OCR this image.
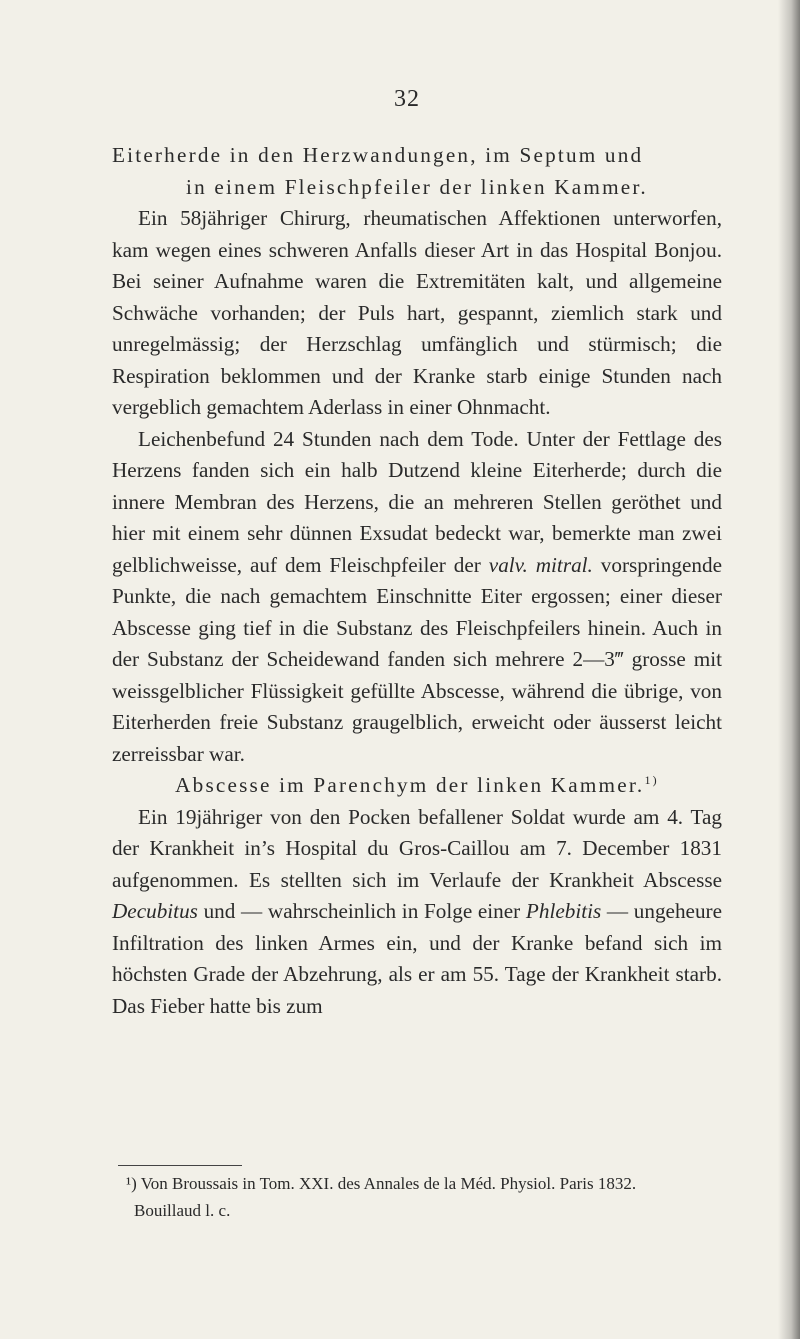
32

Eiterherde in den Herzwandungen, im Septum und

in einem Fleischpfeiler der linken Kammer.

Ein 58jähriger Chirurg, rheumatischen Affektionen unterworfen, kam wegen eines schweren Anfalls dieser Art in das Hospital Bonjou. Bei seiner Aufnahme waren die Extremitäten kalt, und allgemeine Schwäche vorhanden; der Puls hart, gespannt, ziemlich stark und unregelmässig; der Herzschlag umfänglich und stürmisch; die Respiration beklommen und der Kranke starb einige Stunden nach vergeblich gemachtem Aderlass in einer Ohnmacht.

Leichenbefund 24 Stunden nach dem Tode. Unter der Fettlage des Herzens fanden sich ein halb Dutzend kleine Eiterherde; durch die innere Membran des Herzens, die an mehreren Stellen geröthet und hier mit einem sehr dünnen Exsudat bedeckt war, bemerkte man zwei gelblichweisse, auf dem Fleischpfeiler der valv. mitral. vorspringende Punkte, die nach gemachtem Einschnitte Eiter ergossen; einer dieser Abscesse ging tief in die Substanz des Fleischpfeilers hinein. Auch in der Substanz der Scheidewand fanden sich mehrere 2—3‴ grosse mit weissgelblicher Flüssigkeit gefüllte Abscesse, während die übrige, von Eiterherden freie Substanz graugelblich, erweicht oder äusserst leicht zerreissbar war.

Abscesse im Parenchym der linken Kammer.$^{1)}$

Ein 19jähriger von den Pocken befallener Soldat wurde am 4. Tag der Krankheit in’s Hospital du Gros-Caillou am 7. December 1831 aufgenommen. Es stellten sich im Verlaufe der Krankheit Abscesse Decubitus und — wahrscheinlich in Folge einer Phlebitis — ungeheure Infiltration des linken Armes ein, und der Kranke befand sich im höchsten Grade der Abzehrung, als er am 55. Tage der Krankheit starb. Das Fieber hatte bis zum

¹) Von Broussais in Tom. XXI. des Annales de la Méd. Physiol. Paris 1832.

Bouillaud l. c.
